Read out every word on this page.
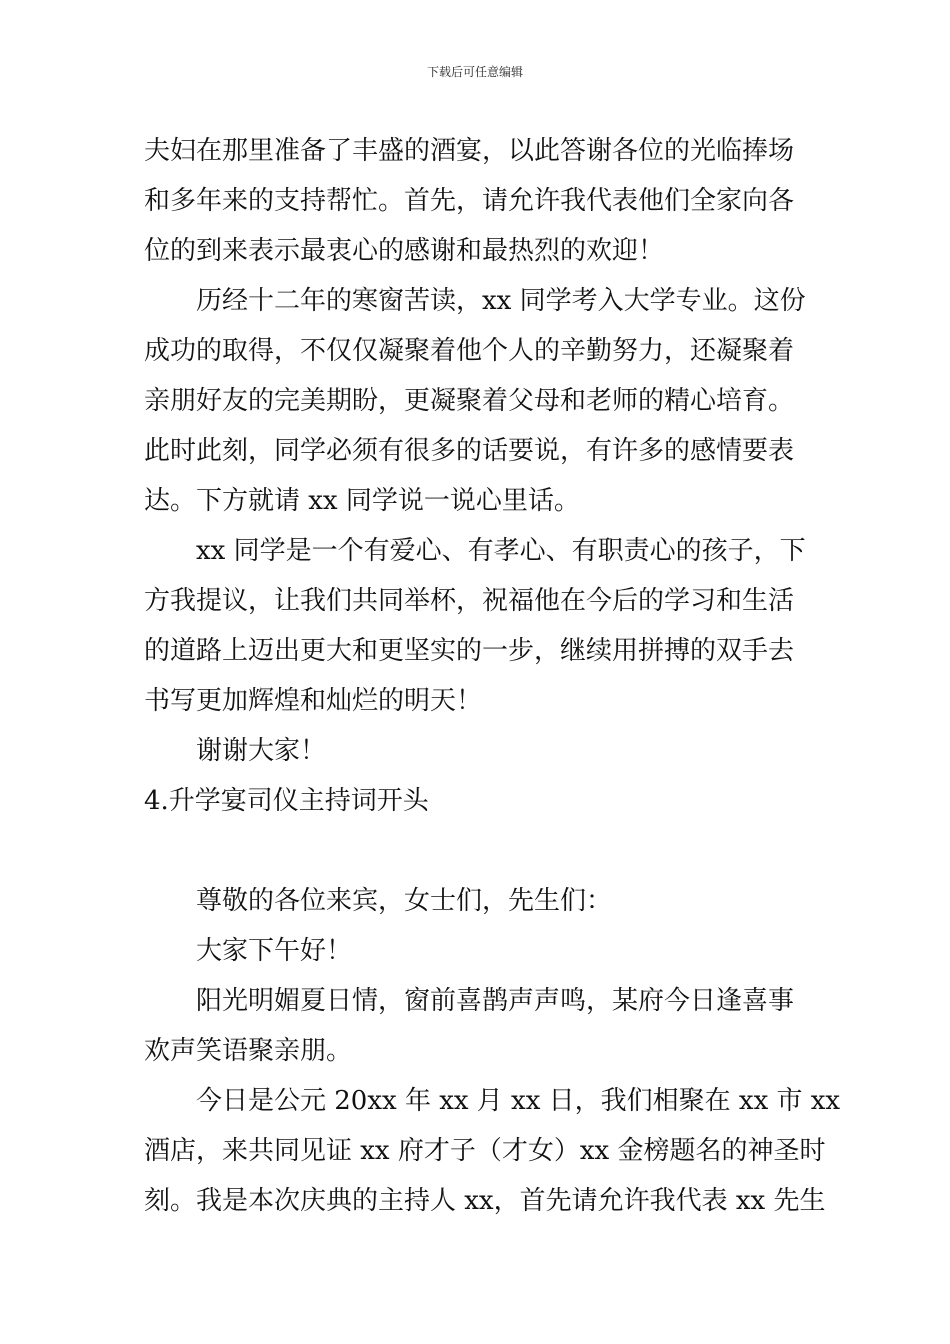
下载后可任意编辑
夫妇在那里准备了丰盛的酒宴，以此答谢各位的光临捧场
和多年来的支持帮忙。首先，请允许我代表他们全家向各
位的到来表示最衷心的感谢和最热烈的欢迎！
历经十二年的寒窗苦读，xx 同学考入大学专业。这份
成功的取得，不仅仅凝聚着他个人的辛勤努力，还凝聚着
亲朋好友的完美期盼，更凝聚着父母和老师的精心培育。
此时此刻，同学必须有很多的话要说，有许多的感情要表
达。下方就请 xx 同学说一说心里话。
xx 同学是一个有爱心、有孝心、有职责心的孩子，下
方我提议，让我们共同举杯，祝福他在今后的学习和生活
的道路上迈出更大和更坚实的一步，继续用拼搏的双手去
书写更加辉煌和灿烂的明天！
谢谢大家！
4.升学宴司仪主持词开头
尊敬的各位来宾，女士们，先生们：
大家下午好！
阳光明媚夏日情，窗前喜鹊声声鸣，某府今日逢喜事
欢声笑语聚亲朋。
今日是公元 20xx 年 xx 月 xx 日，我们相聚在 xx 市 xx
酒店，来共同见证 xx 府才子（才女）xx 金榜题名的神圣时
刻。我是本次庆典的主持人 xx，首先请允许我代表 xx 先生
